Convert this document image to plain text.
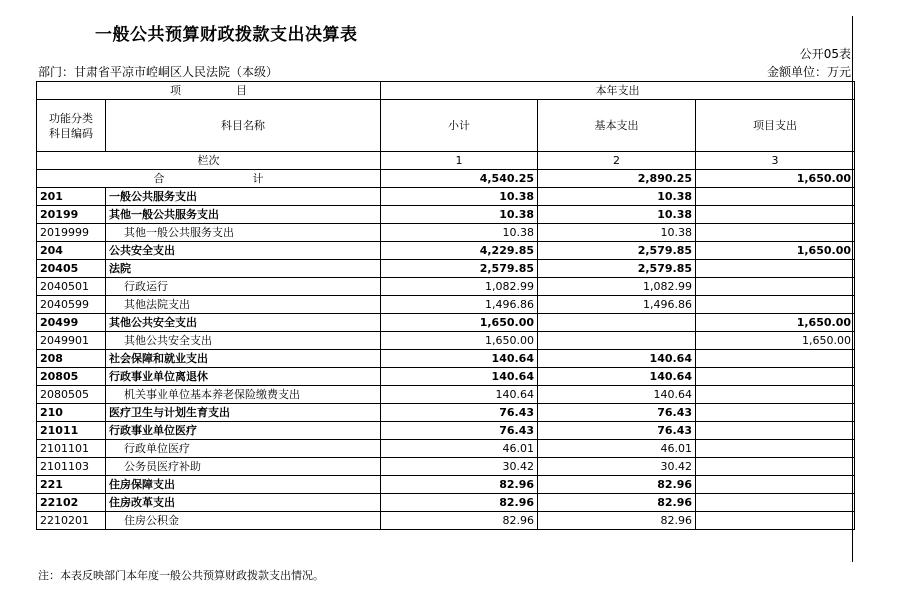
一般公共预算财政拨款支出决算表
公开05表
部门：甘肃省平凉市崆峒区人民法院（本级）	金额单位：万元
项　　　　　目		本年支出		
功能分类
科目编码	科目名称	小计	基本支出	项目支出
栏次		1	2	3
合　　　　　　　　计		4,540.25	2,890.25	1,650.00
201	一般公共服务支出	10.38	10.38	
20199	其他一般公共服务支出	10.38	10.38	
2019999	其他一般公共服务支出	10.38	10.38	
204	公共安全支出	4,229.85	2,579.85	1,650.00
20405	法院	2,579.85	2,579.85	
2040501	行政运行	1,082.99	1,082.99	
2040599	其他法院支出	1,496.86	1,496.86	
20499	其他公共安全支出	1,650.00		1,650.00
2049901	其他公共安全支出	1,650.00		1,650.00
208	社会保障和就业支出	140.64	140.64	
20805	行政事业单位离退休	140.64	140.64	
2080505	机关事业单位基本养老保险缴费支出	140.64	140.64	
210	医疗卫生与计划生育支出	76.43	76.43	
21011	行政事业单位医疗	76.43	76.43	
2101101	行政单位医疗	46.01	46.01	
2101103	公务员医疗补助	30.42	30.42	
221	住房保障支出	82.96	82.96	
22102	住房改革支出	82.96	82.96	
2210201	住房公积金	82.96	82.96	
注：本表反映部门本年度一般公共预算财政拨款支出情况。
